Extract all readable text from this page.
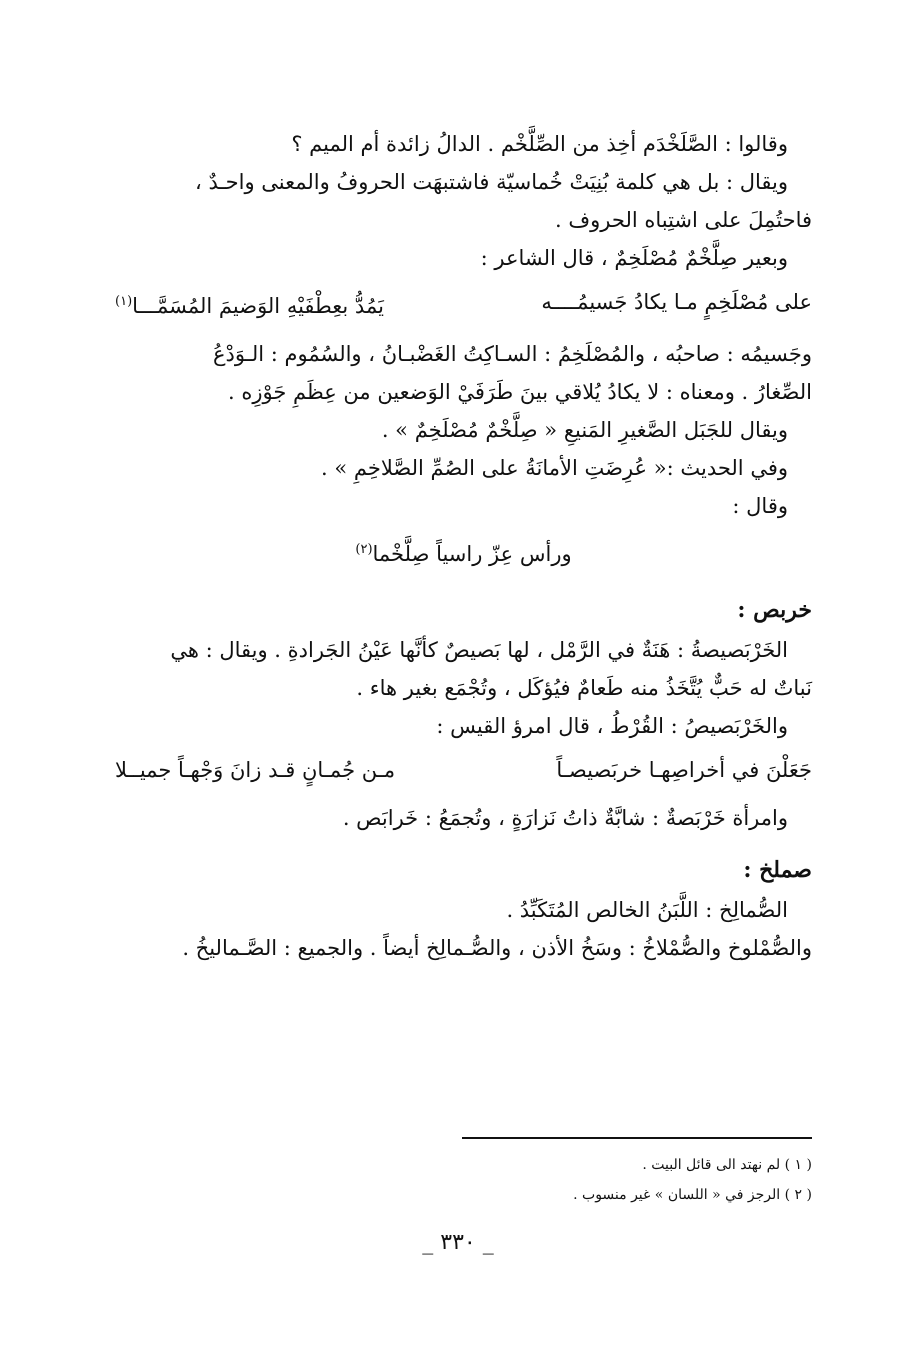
وقالوا : الصَّلَخْدَم أخِذ من الصِّلَّخْم . الدالُ زائدة أم الميم ؟

ويقال : بل هي كلمة بُنِيَتْ خُماسيّة فاشتبهَت الحروفُ والمعنى واحـدٌ ،

فاحتُمِلَ على اشتِباه الحروف .

وبعير صِلَّخْمٌ مُصْلَخِمٌ ، قال الشاعر :

على مُصْلَخِمٍ مـا يكادُ جَسيمُــــه
يَمُدُّ بعِطْفَيْهِ الوَضيمَ المُسَمَّـــا$^{(١)}$

وجَسيمُه : صاحبُه ، والمُصْلَخِمُ : السـاكِتُ الغَضْبـانُ ، والسُمُوم : الـوَدْعُ

الصِّغارُ . ومعناه : لا يكادُ يُلاقي بينَ طَرَفَيْ الوَضعين من عِظَمِ جَوْزِه .

ويقال للجَبَل الصَّغيرِ المَنيعِ « صِلَّخْمٌ مُصْلَخِمٌ » .

وفي الحديث :« عُرِضَتِ الأمانَةُ على الصُمِّ الصَّلاخِمِ » .

وقال :

ورأس عِزّ راسياً صِلَّخْما$^{(٢)}$
خربص :

الخَرْبَصيصةُ : هَنَةٌ في الرَّمْل ، لها بَصيصٌ كأنَّها عَيْنُ الجَرادةِ . ويقال : هي

نَباتٌ له حَبٌّ يُتَّخَذُ منه طَعامٌ فيُؤكَل ، وتُجْمَع بغير هاء .

والخَرْبَصيصُ : القُرْطُ ، قال امرؤ القيس :

جَعَلْنَ في أخراصِهـا خربَصيصـاً
مـن جُمـانٍ قـد زانَ وَجْهـاً جميــلا

وامرأة خَرْبَصةٌ : شابَّةٌ ذاتُ نَزارَةٍ ، وتُجمَعُ : خَرابَص .

صملخ :

الصُّمالِخ : اللَّبَنُ الخالص المُتَكَبِّدُ .

والصُّمْلوخ والصُّمْلاخُ : وسَخُ الأذن ، والصُّـمالِخ أيضاً . والجميع : الصَّـماليخُ .

( ١ ) لم نهتد الى قائل البيت .
( ٢ ) الرجز في « اللسان » غير منسوب .
_ ٣٣٠ _
